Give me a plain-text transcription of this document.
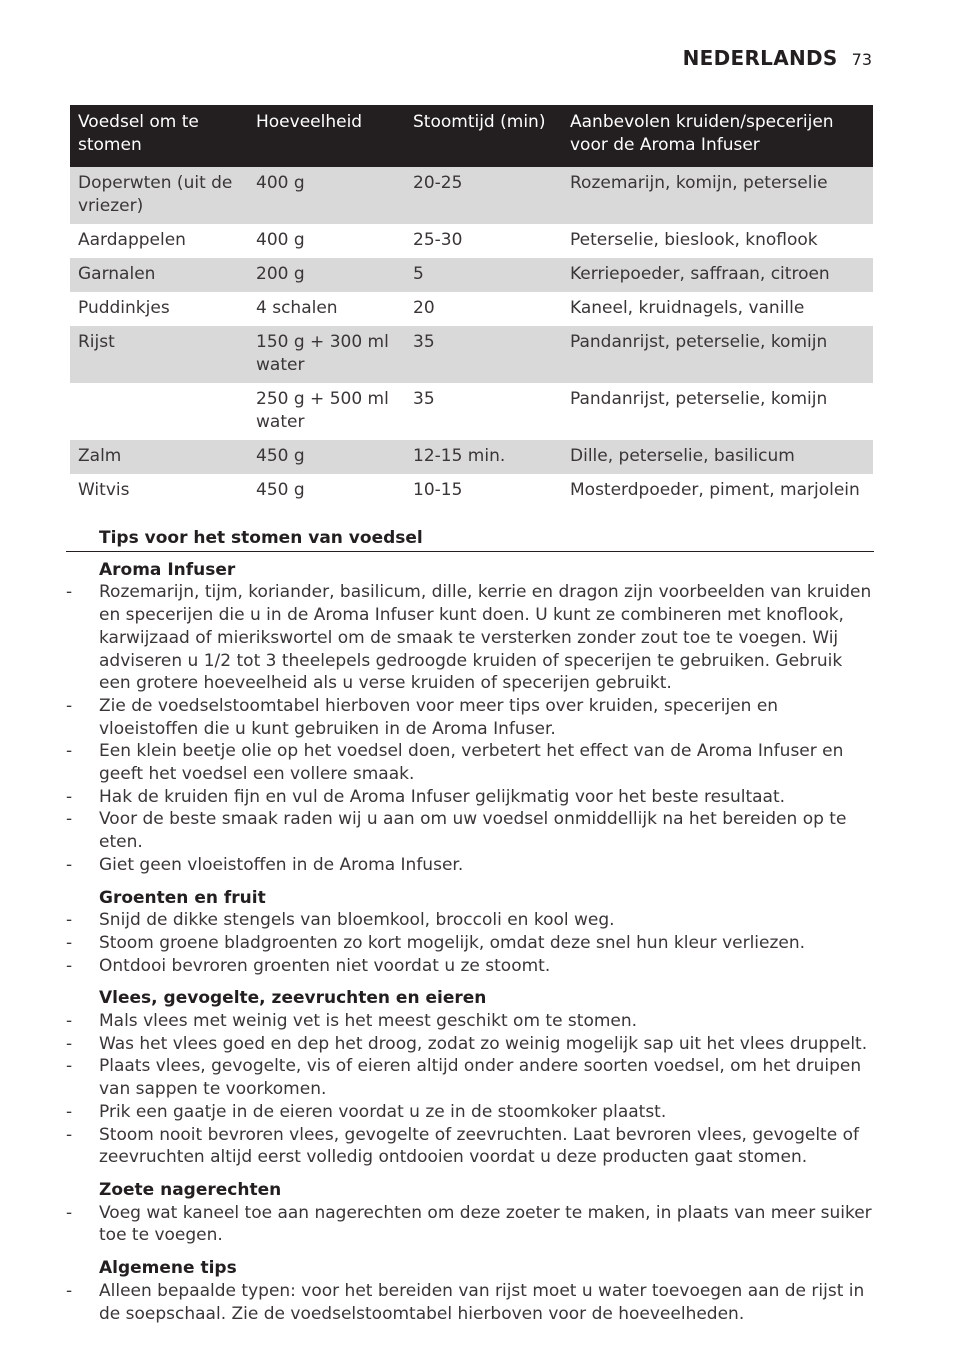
NEDERLANDS 73
Voedsel om te stomen	Hoeveelheid	Stoomtijd (min)	Aanbevolen kruiden/specerijen voor de Aroma Infuser
Doperwten (uit de vriezer)	400 g	20-25	Rozemarijn, komijn, peterselie
Aardappelen	400 g	25-30	Peterselie, bieslook, knoflook
Garnalen	200 g	5	Kerriepoeder, saffraan, citroen
Puddinkjes	4 schalen	20	Kaneel, kruidnagels, vanille
Rijst	150 g + 300 ml water	35	Pandanrijst, peterselie, komijn
	250 g + 500 ml water	35	Pandanrijst, peterselie, komijn
Zalm	450 g	12-15 min.	Dille, peterselie, basilicum
Witvis	450 g	10-15	Mosterdpoeder, piment, marjolein
Tips voor het stomen van voedsel
Aroma Infuser
- Rozemarijn, tijm, koriander, basilicum, dille, kerrie en dragon zijn voorbeelden van kruiden en specerijen die u in de Aroma Infuser kunt doen. U kunt ze combineren met knoflook, karwijzaad of mierikswortel om de smaak te versterken zonder zout toe te voegen. Wij adviseren u 1/2 tot 3 theelepels gedroogde kruiden of specerijen te gebruiken. Gebruik een grotere hoeveelheid als u verse kruiden of specerijen gebruikt.
- Zie de voedselstoomtabel hierboven voor meer tips over kruiden, specerijen en vloeistoffen die u kunt gebruiken in de Aroma Infuser.
- Een klein beetje olie op het voedsel doen, verbetert het effect van de Aroma Infuser en geeft het voedsel een vollere smaak.
- Hak de kruiden fijn en vul de Aroma Infuser gelijkmatig voor het beste resultaat.
- Voor de beste smaak raden wij u aan om uw voedsel onmiddellijk na het bereiden op te eten.
- Giet geen vloeistoffen in de Aroma Infuser.
Groenten en fruit
- Snijd de dikke stengels van bloemkool, broccoli en kool weg.
- Stoom groene bladgroenten zo kort mogelijk, omdat deze snel hun kleur verliezen.
- Ontdooi bevroren groenten niet voordat u ze stoomt.
Vlees, gevogelte, zeevruchten en eieren
- Mals vlees met weinig vet is het meest geschikt om te stomen.
- Was het vlees goed en dep het droog, zodat zo weinig mogelijk sap uit het vlees druppelt.
- Plaats vlees, gevogelte, vis of eieren altijd onder andere soorten voedsel, om het druipen van sappen te voorkomen.
- Prik een gaatje in de eieren voordat u ze in de stoomkoker plaatst.
- Stoom nooit bevroren vlees, gevogelte of zeevruchten. Laat bevroren vlees, gevogelte of zeevruchten altijd eerst volledig ontdooien voordat u deze producten gaat stomen.
Zoete nagerechten
- Voeg wat kaneel toe aan nagerechten om deze zoeter te maken, in plaats van meer suiker toe te voegen.
Algemene tips
- Alleen bepaalde typen: voor het bereiden van rijst moet u water toevoegen aan de rijst in de soepschaal. Zie de voedselstoomtabel hierboven voor de hoeveelheden.
